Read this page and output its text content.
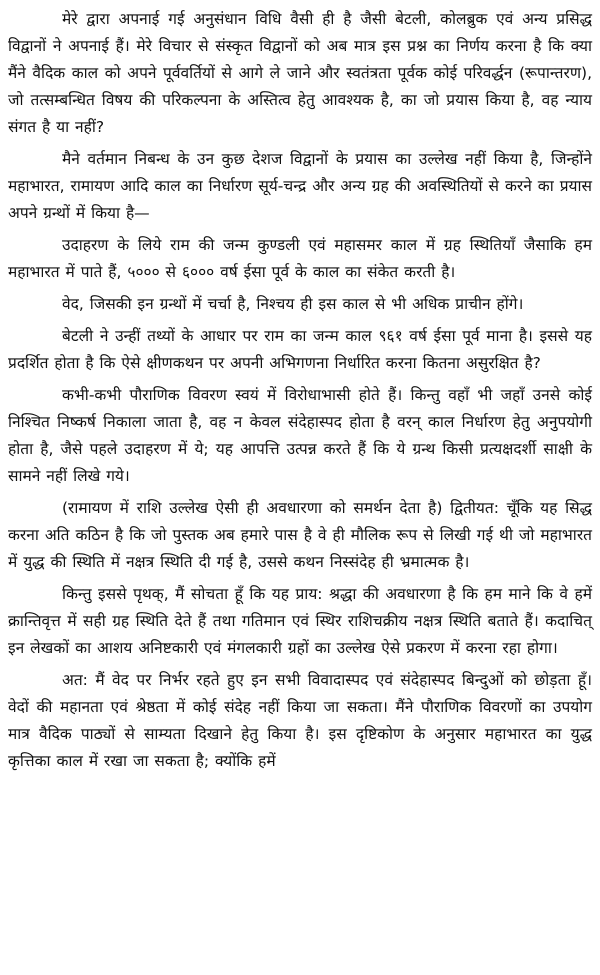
मेरे द्वारा अपनाई गई अनुसंधान विधि वैसी ही है जैसी बेटली, कोलब्रुक एवं अन्य प्रसिद्ध विद्वानों ने अपनाई हैं। मेरे विचार से संस्कृत विद्वानों को अब मात्र इस प्रश्न का निर्णय करना है कि क्या मैंने वैदिक काल को अपने पूर्ववर्तियों से आगे ले जाने और स्वतंत्रता पूर्वक कोई परिवर्द्धन (रूपान्तरण), जो तत्सम्बन्धित विषय की परिकल्पना के अस्तित्व हेतु आवश्यक है, का जो प्रयास किया है, वह न्याय संगत है या नहीं?

मैने वर्तमान निबन्ध के उन कुछ देशज विद्वानों के प्रयास का उल्लेख नहीं किया है, जिन्होंने महाभारत, रामायण आदि काल का निर्धारण सूर्य-चन्द्र और अन्य ग्रह की अवस्थितियों से करने का प्रयास अपने ग्रन्थों में किया है—

उदाहरण के लिये राम की जन्म कुण्डली एवं महासमर काल में ग्रह स्थितियाँ जैसाकि हम महाभारत में पाते हैं, ५००० से ६००० वर्ष ईसा पूर्व के काल का संकेत करती है।

वेद, जिसकी इन ग्रन्थों में चर्चा है, निश्चय ही इस काल से भी अधिक प्राचीन होंगे।

बेटली ने उन्हीं तथ्यों के आधार पर राम का जन्म काल ९६१ वर्ष ईसा पूर्व माना है। इससे यह प्रदर्शित होता है कि ऐसे क्षीणकथन पर अपनी अभिगणना निर्धारित करना कितना असुरक्षित है?

कभी-कभी पौराणिक विवरण स्वयं में विरोधाभासी होते हैं। किन्तु वहाँ भी जहाँ उनसे कोई निश्चित निष्कर्ष निकाला जाता है, वह न केवल संदेहास्पद होता है वरन् काल निर्धारण हेतु अनुपयोगी होता है, जैसे पहले उदाहरण में ये; यह आपत्ति उत्पन्न करते हैं कि ये ग्रन्थ किसी प्रत्यक्षदर्शी साक्षी के सामने नहीं लिखे गये।

(रामायण में राशि उल्लेख ऐसी ही अवधारणा को समर्थन देता है) द्वितीयत: चूँकि यह सिद्ध करना अति कठिन है कि जो पुस्तक अब हमारे पास है वे ही मौलिक रूप से लिखी गई थी जो महाभारत में युद्ध की स्थिति में नक्षत्र स्थिति दी गई है, उससे कथन निस्संदेह ही भ्रमात्मक है।

किन्तु इससे पृथक्, मैं सोचता हूँ कि यह प्राय: श्रद्धा की अवधारणा है कि हम माने कि वे हमें क्रान्तिवृत्त में सही ग्रह स्थिति देते हैं तथा गतिमान एवं स्थिर राशिचक्रीय नक्षत्र स्थिति बताते हैं। कदाचित् इन लेखकों का आशय अनिष्टकारी एवं मंगलकारी ग्रहों का उल्लेख ऐसे प्रकरण में करना रहा होगा।

अत: मैं वेद पर निर्भर रहते हुए इन सभी विवादास्पद एवं संदेहास्पद बिन्दुओं को छोड़ता हूँ। वेदों की महानता एवं श्रेष्ठता में कोई संदेह नहीं किया जा सकता। मैंने पौराणिक विवरणों का उपयोग मात्र वैदिक पाठ्यों से साम्यता दिखाने हेतु किया है। इस दृष्टिकोण के अनुसार महाभारत का युद्ध कृत्तिका काल में रखा जा सकता है; क्योंकि हमें
